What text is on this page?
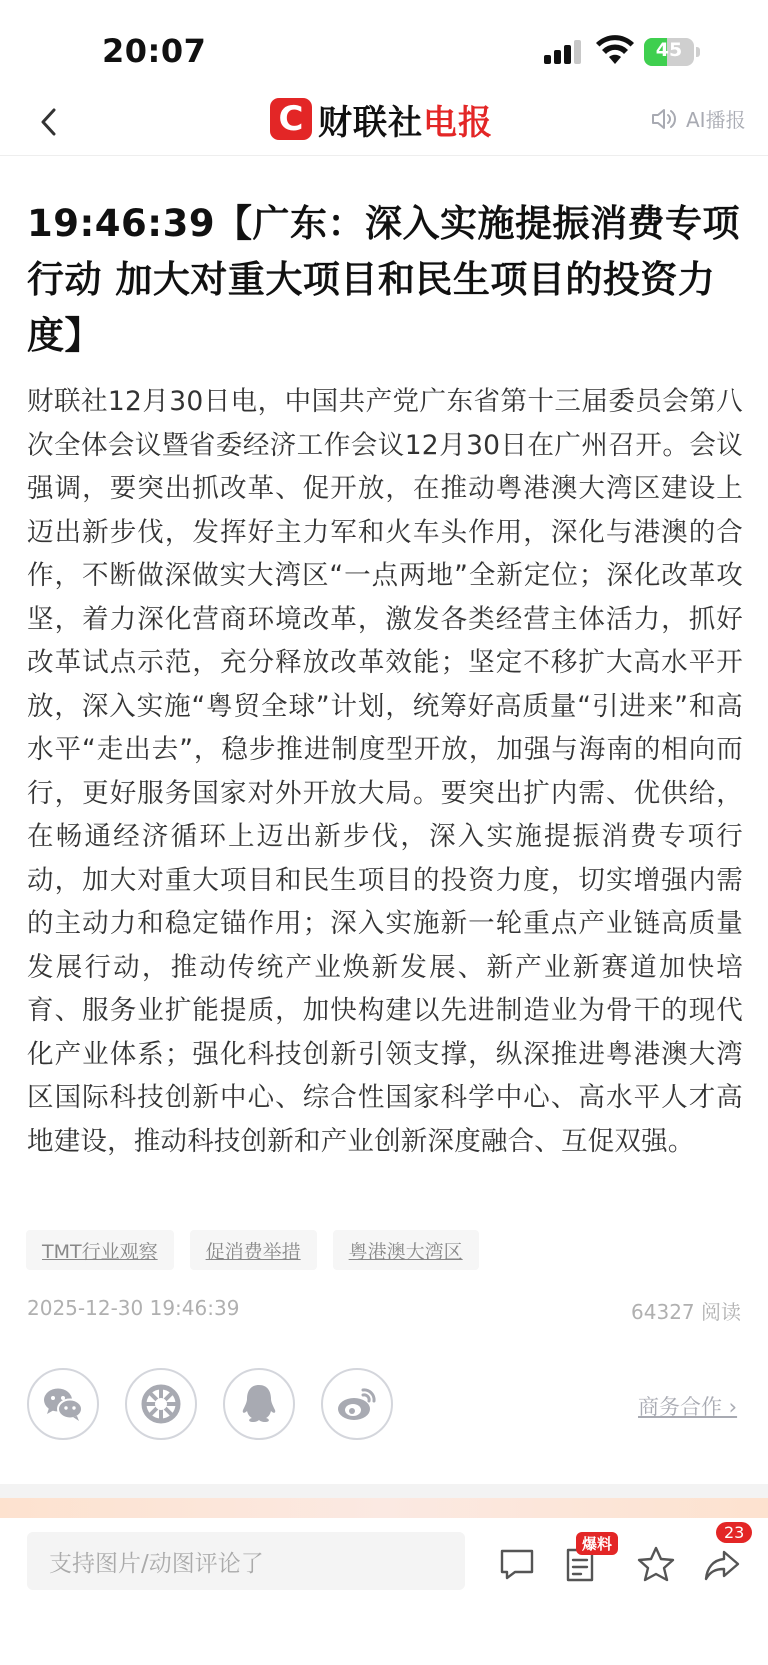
20:07	45
C 财联社 电报	AI播报
19:46:39【广东：深入实施提振消费专项行动 加大对重大项目和民生项目的投资力度】
财联社12月30日电，中国共产党广东省第十三届委员会第八次全体会议暨省委经济工作会议12月30日在广州召开。会议强调，要突出抓改革、促开放，在推动粤港澳大湾区建设上迈出新步伐，发挥好主力军和火车头作用，深化与港澳的合作，不断做深做实大湾区“一点两地”全新定位；深化改革攻坚，着力深化营商环境改革，激发各类经营主体活力，抓好改革试点示范，充分释放改革效能；坚定不移扩大高水平开放，深入实施“粤贸全球”计划，统筹好高质量“引进来”和高水平“走出去”，稳步推进制度型开放，加强与海南的相向而行，更好服务国家对外开放大局。要突出扩内需、优供给，在畅通经济循环上迈出新步伐，深入实施提振消费专项行动，加大对重大项目和民生项目的投资力度，切实增强内需的主动力和稳定锚作用；深入实施新一轮重点产业链高质量发展行动，推动传统产业焕新发展、新产业新赛道加快培育、服务业扩能提质，加快构建以先进制造业为骨干的现代化产业体系；强化科技创新引领支撑，纵深推进粤港澳大湾区国际科技创新中心、综合性国家科学中心、高水平人才高地建设，推动科技创新和产业创新深度融合、互促双强。
TMT行业观察	促消费举措	粤港澳大湾区
2025-12-30 19:46:39	64327 阅读
商务合作 ›
支持图片/动图评论了
爆料
23
